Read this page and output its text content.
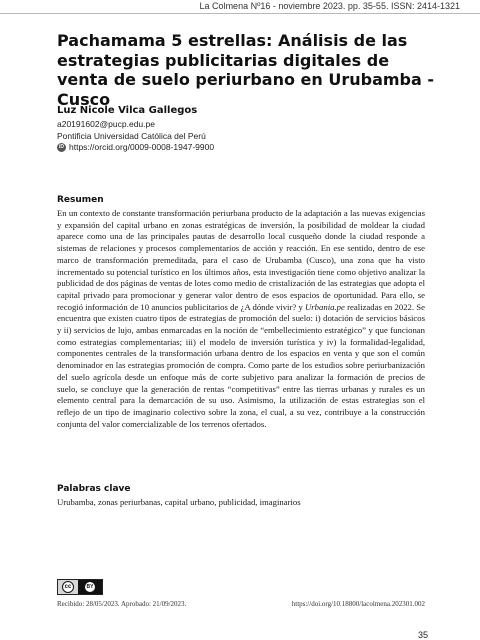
La Colmena Nº16 - noviembre 2023. pp. 35-55. ISSN: 2414-1321
Pachamama 5 estrellas: Análisis de las estrategias publicitarias digitales de venta de suelo periurbano en Urubamba - Cusco
Luz Nicole Vilca Gallegos
a20191602@pucp.edu.pe
Pontificia Universidad Católica del Perú
iD https://orcid.org/0009-0008-1947-9900
Resumen

En un contexto de constante transformación periurbana producto de la adaptación a las nuevas exigencias y expansión del capital urbano en zonas estratégicas de inversión, la posibilidad de moldear la ciudad aparece como una de las principales pautas de desarrollo local cusqueño donde la ciudad responde a sistemas de relaciones y procesos complementarios de acción y reacción. En ese sentido, dentro de ese marco de transformación premeditada, para el caso de Urubamba (Cusco), una zona que ha visto incrementado su potencial turístico en los últimos años, esta investigación tiene como objetivo analizar la publicidad de dos páginas de ventas de lotes como medio de cristalización de las estrategias que adopta el capital privado para promocionar y generar valor dentro de esos espacios de oportunidad. Para ello, se recogió información de 10 anuncios publicitarios de ¿A dónde vivir? y Urbania.pe realizadas en 2022. Se encuentra que existen cuatro tipos de estrategias de promoción del suelo: i) dotación de servicios básicos y ii) servicios de lujo, ambas enmarcadas en la noción de “embellecimiento estratégico” y que funcionan como estrategias complementarias; iii) el modelo de inversión turística y iv) la formalidad-legalidad, componentes centrales de la transformación urbana dentro de los espacios en venta y que son el común denominador en las estrategias promoción de compra. Como parte de los estudios sobre periurbanización del suelo agrícola desde un enfoque más de corte subjetivo para analizar la formación de precios de suelo, se concluye que la generación de rentas “competitivas” entre las tierras urbanas y rurales es un elemento central para la demarcación de su uso. Asimismo, la utilización de estas estrategias son el reflejo de un tipo de imaginario colectivo sobre la zona, el cual, a su vez, contribuye a la construcción conjunta del valor comercializable de los terrenos ofertados.

Palabras clave

Urubamba, zonas periurbanas, capital urbano, publicidad, imaginarios

cc	BY
Recibido: 28/05/2023. Aprobado: 21/09/2023.	https://doi.org/10.18800/lacolmena.202301.002
35
